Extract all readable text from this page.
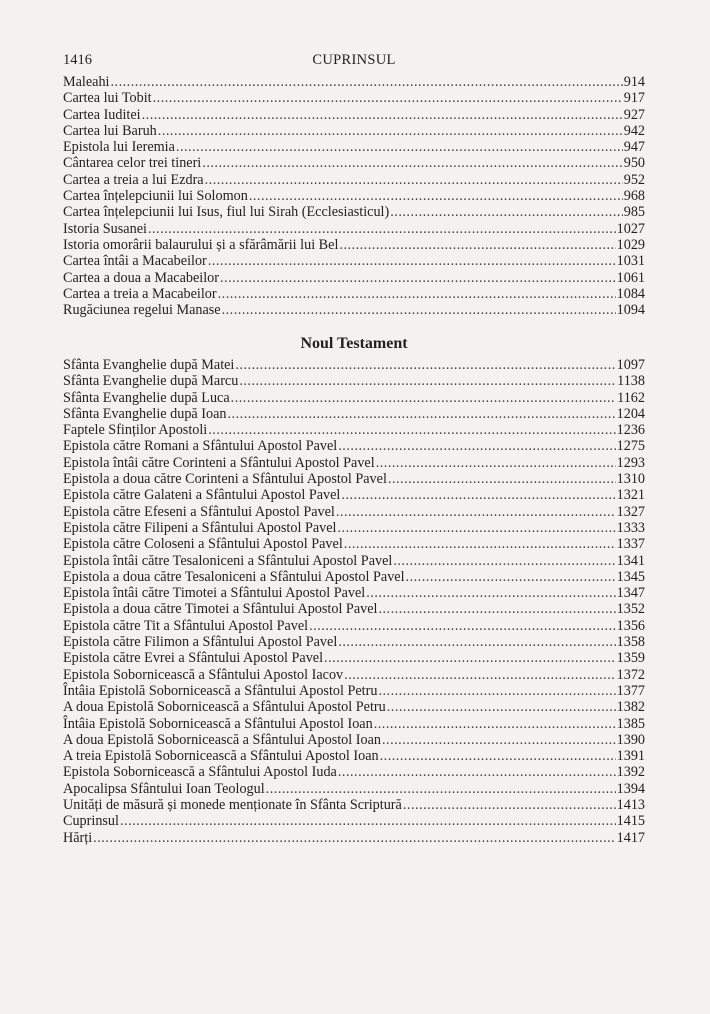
1416	CUPRINSUL
Maleahi .....	914
Cartea lui Tobit .....	917
Cartea Iuditei .....	927
Cartea lui Baruh .....	942
Epistola lui Ieremia .....	947
Cântarea celor trei tineri .....	950
Cartea a treia a lui Ezdra .....	952
Cartea înțelepciunii lui Solomon .....	968
Cartea înțelepciunii lui Isus, fiul lui Sirah (Ecclesiasticul) .....	985
Istoria Susanei .....	1027
Istoria omorârii balaurului și a sfărâmării lui Bel .....	1029
Cartea întâi a Macabeilor .....	1031
Cartea a doua a Macabeilor .....	1061
Cartea a treia a Macabeilor .....	1084
Rugăciunea regelui Manase .....	1094
Noul Testament
Sfânta Evanghelie după Matei .....	1097
Sfânta Evanghelie după Marcu .....	1138
Sfânta Evanghelie după Luca .....	1162
Sfânta Evanghelie după Ioan .....	1204
Faptele Sfinților Apostoli .....	1236
Epistola către Romani a Sfântului Apostol Pavel .....	1275
Epistola întâi către Corinteni a Sfântului Apostol Pavel .....	1293
Epistola a doua către Corinteni a Sfântului Apostol Pavel .....	1310
Epistola către Galateni a Sfântului Apostol Pavel .....	1321
Epistola către Efeseni a Sfântului Apostol Pavel .....	1327
Epistola către Filipeni a Sfântului Apostol Pavel .....	1333
Epistola către Coloseni a Sfântului Apostol Pavel .....	1337
Epistola întâi către Tesaloniceni a Sfântului Apostol Pavel .....	1341
Epistola a doua către Tesaloniceni a Sfântului Apostol Pavel .....	1345
Epistola întâi către Timotei a Sfântului Apostol Pavel .....	1347
Epistola a doua către Timotei a Sfântului Apostol Pavel .....	1352
Epistola către Tit a Sfântului Apostol Pavel .....	1356
Epistola către Filimon a Sfântului Apostol Pavel .....	1358
Epistola către Evrei a Sfântului Apostol Pavel .....	1359
Epistola Sobornicească a Sfântului Apostol Iacov .....	1372
Întâia Epistolă Sobornicească a Sfântului Apostol Petru .....	1377
A doua Epistolă Sobornicească a Sfântului Apostol Petru .....	1382
Întâia Epistolă Sobornicească a Sfântului Apostol Ioan .....	1385
A doua Epistolă Sobornicească a Sfântului Apostol Ioan .....	1390
A treia Epistolă Sobornicească a Sfântului Apostol Ioan .....	1391
Epistola Sobornicească a Sfântului Apostol Iuda .....	1392
Apocalipsa Sfântului Ioan Teologul .....	1394
Unități de măsură și monede menționate în Sfânta Scriptură .....	1413
Cuprinsul .....	1415
Hărți .....	1417
